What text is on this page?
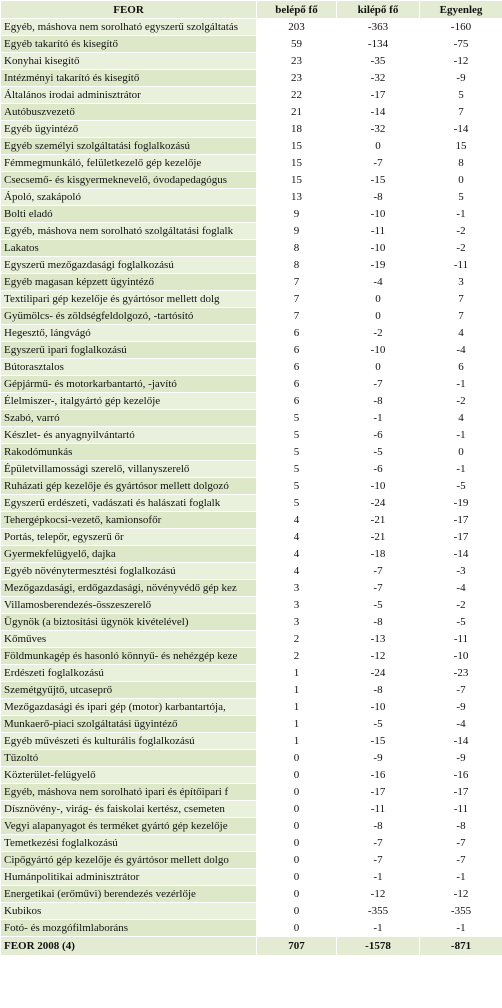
FEOR	belépő fő	kilépő fő	Egyenleg
Egyéb, máshova nem sorolható egyszerű szolgáltatás	203	-363	-160
Egyéb takarító és kisegítő	59	-134	-75
Konyhai kisegítő	23	-35	-12
Intézményi takarító és kisegítő	23	-32	-9
Általános irodai adminisztrátor	22	-17	5
Autóbuszvezető	21	-14	7
Egyéb ügyintéző	18	-32	-14
Egyéb személyi szolgáltatási foglalkozású	15	0	15
Fémmegmunkáló, felületkezelő gép kezelője	15	-7	8
Csecsemő- és kisgyermeknevelő, óvodapedagógus	15	-15	0
Ápoló, szakápoló	13	-8	5
Bolti eladó	9	-10	-1
Egyéb, máshova nem sorolható szolgáltatási foglalk	9	-11	-2
Lakatos	8	-10	-2
Egyszerű mezőgazdasági foglalkozású	8	-19	-11
Egyéb magasan képzett ügyintéző	7	-4	3
Textilipari gép kezelője és gyártósor mellett dolg	7	0	7
Gyümölcs- és zöldségfeldolgozó, -tartósító	7	0	7
Hegesztő, lángvágó	6	-2	4
Egyszerű ipari foglalkozású	6	-10	-4
Bútorasztalos	6	0	6
Gépjármű- és motorkarbantartó, -javító	6	-7	-1
Élelmiszer-, italgyártó gép kezelője	6	-8	-2
Szabó, varró	5	-1	4
Készlet- és anyagnyilvántartó	5	-6	-1
Rakodómunkás	5	-5	0
Épületvillamossági szerelő, villanyszerelő	5	-6	-1
Ruházati gép kezelője és gyártósor mellett dolgozó	5	-10	-5
Egyszerű erdészeti, vadászati és halászati foglalk	5	-24	-19
Tehergépkocsi-vezető, kamionsofőr	4	-21	-17
Portás, telepőr, egyszerű őr	4	-21	-17
Gyermekfelügyelő, dajka	4	-18	-14
Egyéb növénytermesztési foglalkozású	4	-7	-3
Mezőgazdasági, erdőgazdasági, növényvédő gép kez	3	-7	-4
Villamosberendezés-összeszerelő	3	-5	-2
Ügynök (a biztosítási ügynök kivételével)	3	-8	-5
Kőműves	2	-13	-11
Földmunkagép és hasonló könnyű- és nehézgép keze	2	-12	-10
Erdészeti foglalkozású	1	-24	-23
Szemétgyűjtő, utcaseprő	1	-8	-7
Mezőgazdasági és ipari gép (motor) karbantartója,	1	-10	-9
Munkaerő-piaci szolgáltatási ügyintéző	1	-5	-4
Egyéb művészeti és kulturális foglalkozású	1	-15	-14
Tűzoltó	0	-9	-9
Közterület-felügyelő	0	-16	-16
Egyéb, máshova nem sorolható ipari és építőipari f	0	-17	-17
Dísznövény-, virág- és faiskolai kertész, csemeten	0	-11	-11
Vegyi alapanyagot és terméket gyártó gép kezelője	0	-8	-8
Temetkezési foglalkozású	0	-7	-7
Cipőgyártó gép kezelője és gyártósor mellett dolgo	0	-7	-7
Humánpolitikai adminisztrátor	0	-1	-1
Energetikai (erőművi) berendezés vezérlője	0	-12	-12
Kubikos	0	-355	-355
Fotó- és mozgófilmlaboráns	0	-1	-1
FEOR 2008 (4)	707	-1578	-871
